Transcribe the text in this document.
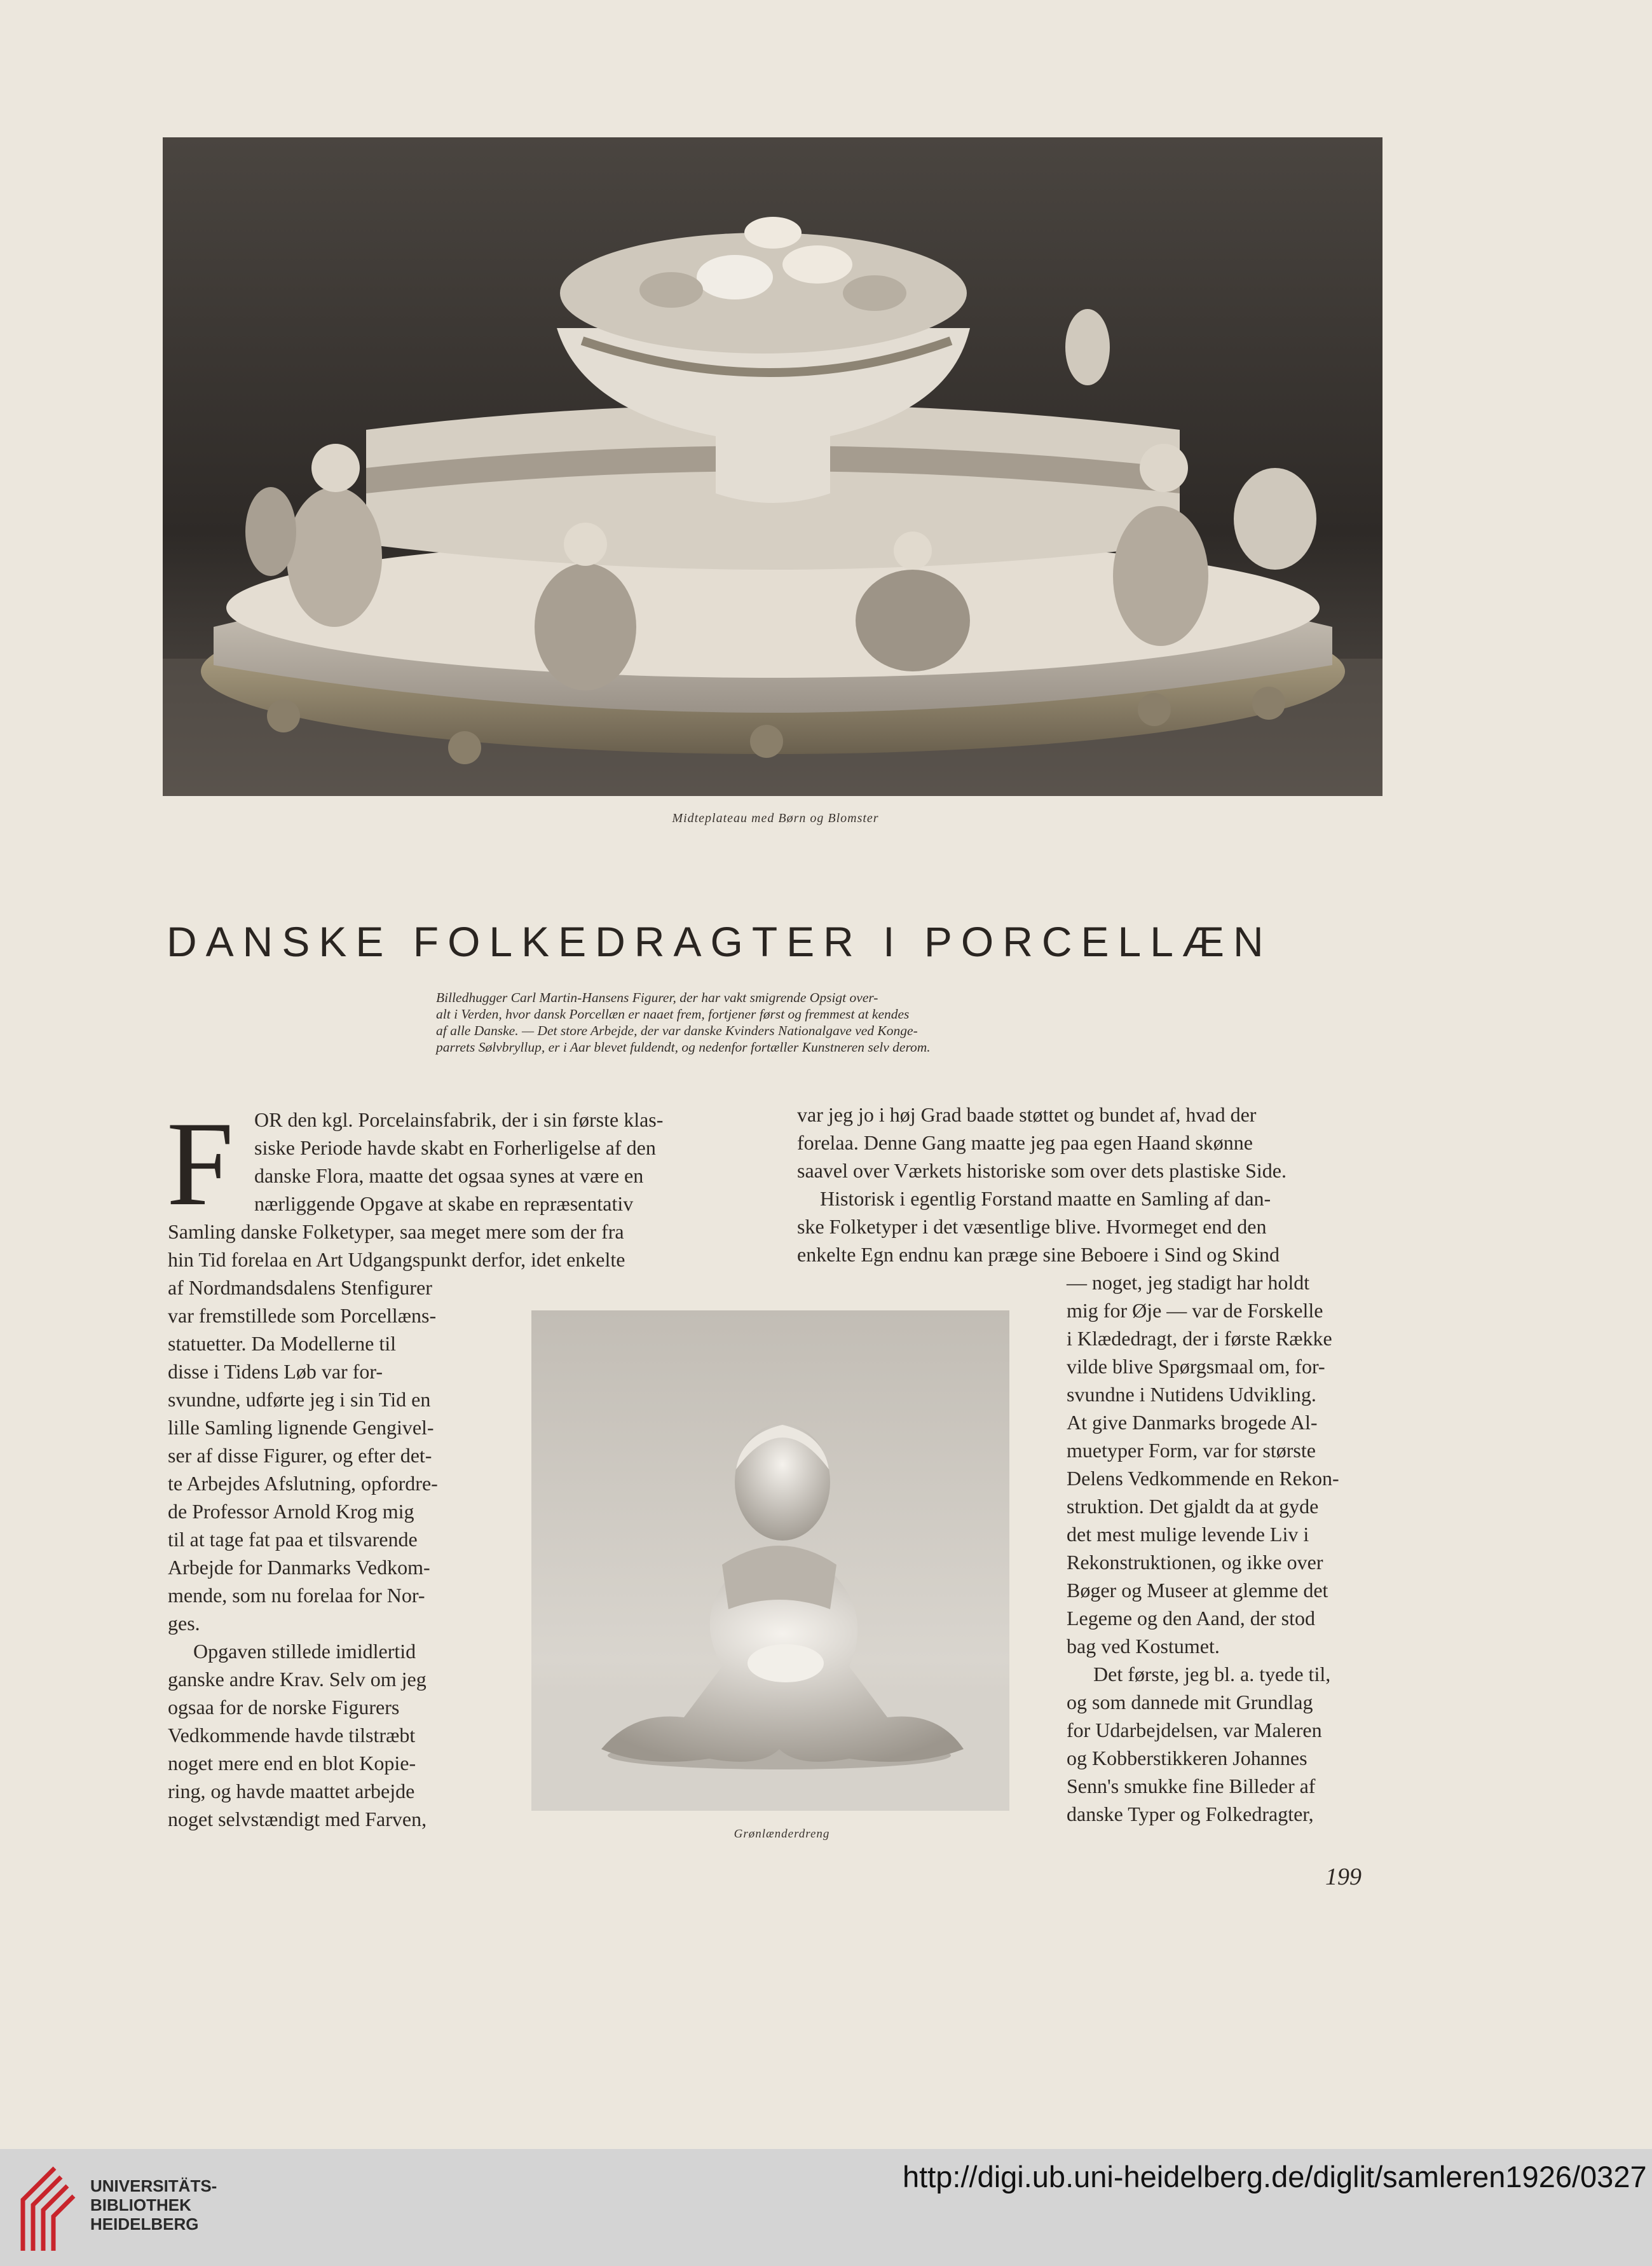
Midteplateau med Børn og Blomster
DANSKE FOLKEDRAGTER I PORCELLÆN
Billedhugger Carl Martin-Hansens Figurer, der har vakt smigrende Opsigt over-
alt i Verden, hvor dansk Porcellæn er naaet frem, fortjener først og fremmest at kendes
af alle Danske. — Det store Arbejde, der var danske Kvinders Nationalgave ved Konge-
parrets Sølvbryllup, er i Aar blevet fuldendt, og nedenfor fortæller Kunstneren selv derom.
F OR den kgl. Porcelainsfabrik, der i sin første klas-
siske Periode havde skabt en Forherligelse af den
danske Flora, maatte det ogsaa synes at være en
nærliggende Opgave at skabe en repræsentativ
Samling danske Folketyper, saa meget mere som der fra
hin Tid forelaa en Art Udgangspunkt derfor, idet enkelte
af Nordmandsdalens Stenfigurer
var fremstillede som Porcellæns-
statuetter. Da Modellerne til
disse i Tidens Løb var for-
svundne, udførte jeg i sin Tid en
lille Samling lignende Gengivel-
ser af disse Figurer, og efter det-
te Arbejdes Afslutning, opfordre-
de Professor Arnold Krog mig
til at tage fat paa et tilsvarende
Arbejde for Danmarks Vedkom-
mende, som nu forelaa for Nor-
ges.
Opgaven stillede imidlertid
ganske andre Krav. Selv om jeg
ogsaa for de norske Figurers
Vedkommende havde tilstræbt
noget mere end en blot Kopie-
ring, og havde maattet arbejde
noget selvstændigt med Farven,
var jeg jo i høj Grad baade støttet og bundet af, hvad der
forelaa. Denne Gang maatte jeg paa egen Haand skønne
saavel over Værkets historiske som over dets plastiske Side.
Historisk i egentlig Forstand maatte en Samling af dan-
ske Folketyper i det væsentlige blive. Hvormeget end den
enkelte Egn endnu kan præge sine Beboere i Sind og Skind
— noget, jeg stadigt har holdt
mig for Øje — var de Forskelle
i Klædedragt, der i første Række
vilde blive Spørgsmaal om, for-
svundne i Nutidens Udvikling.
At give Danmarks brogede Al-
muetyper Form, var for største
Delens Vedkommende en Rekon-
struktion. Det gjaldt da at gyde
det mest mulige levende Liv i
Rekonstruktionen, og ikke over
Bøger og Museer at glemme det
Legeme og den Aand, der stod
bag ved Kostumet.
Det første, jeg bl. a. tyede til,
og som dannede mit Grundlag
for Udarbejdelsen, var Maleren
og Kobberstikkeren Johannes
Senn's smukke fine Billeder af
danske Typer og Folkedragter,
Grønlænderdreng
199
UNIVERSITÄTS-
BIBLIOTHEK
HEIDELBERG
http://digi.ub.uni-heidelberg.de/diglit/samleren1926/0327
